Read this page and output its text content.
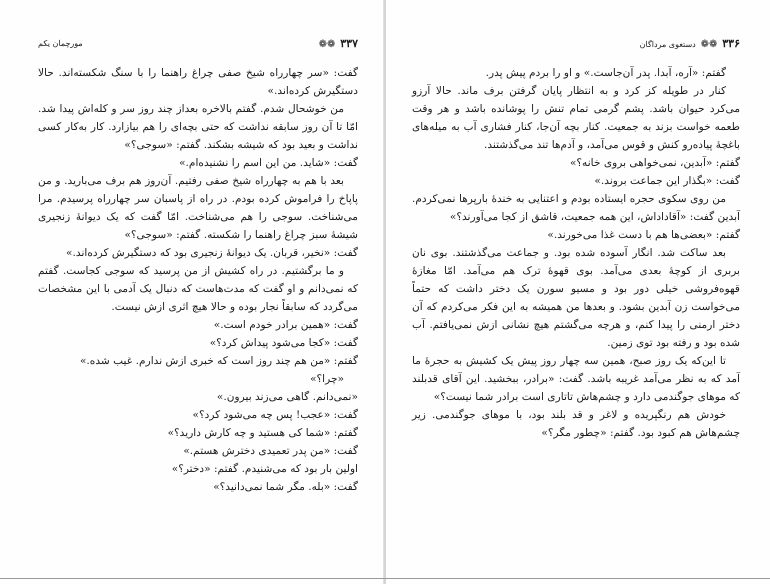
۳۳۷ ❁❁
مورچمان یکم

گفت: «سر چهارراه شیخ صفی چراغ راهنما را با سنگ شکسته‌اند. حالا دستگیرش کرده‌اند.»

من خوشحال شدم. گفتم بالاخره بعداز چند روز سر و کله‌اش پیدا شد. امّا تا آن روز سابقه نداشت که حتی بچه‌ای را هم بیازارد. کار به‌کار کسی نداشت و بعید بود که شیشه بشکند. گفتم: «سوجی؟»

گفت: «شاید. من این اسم را نشنیده‌ام.»

بعد با هم به چهارراه شیخ صفی رفتیم. آن‌روز هم برف می‌بارید. و من پاپاخ را فراموش کرده بودم. در راه از پاسبان سر چهارراه پرسیدم. مرا می‌شناخت. سوجی را هم می‌شناخت. امّا گفت که یک دیوانهٔ زنجیری شیشهٔ سبز چراغ راهنما را شکسته. گفتم: «سوجی؟»

گفت: «نخیر، قربان. یک دیوانهٔ زنجیری بود که دستگیرش کرده‌اند.»

و ما برگشتیم. در راه کشیش از من پرسید که سوجی کجاست. گفتم که نمی‌دانم و او گفت که مدت‌هاست که دنبال یک آدمی با این مشخصات می‌گردد که سابقاً نجار بوده و حالا هیچ اثری ازش نیست.

گفت: «همین برادر خودم است.»

گفت: «کجا می‌شود پیداش کرد؟»

گفتم: «من هم چند روز است که خبری ازش ندارم. غیب شده.»

«چرا؟»

«نمی‌دانم. گاهی می‌زند بیرون.»

گفت: «عجب! پس چه می‌شود کرد؟»

گفتم: «شما کی هستید و چه کارش دارید؟»

گفت: «من پدر تعمیدی دخترش هستم.»

اولین بار بود که می‌شنیدم. گفتم: «دختر؟»

گفت: «بله. مگر شما نمی‌دانید؟»

۳۳۶ ❁❁ دستغوی مرداگان

گفتم: «آره، آبدا. پدر آن‌جاست.» و او را بردم پیش پدر.

کنار در طویله کز کرد و به انتظار پایان گرفتن برف ماند. حالا آرزو می‌کرد حیوان باشد. پشم گرمی تمام تنش را پوشانده باشد و هر وقت طعمه خواست بزند به جمعیت. کنار بچه آن‌جا، کنار فشاری آب به میله‌های باغچهٔ پیاده‌رو کنش و قوس می‌آمد، و آدم‌ها تند می‌گذشتند.

گفتم: «آبدین، نمی‌خواهی بروی خانه؟»

گفت: «بگذار این جماعت بروند.»

من روی سکوی حجره ایستاده بودم و اعتنایی به خندهٔ بارپرها نمی‌کردم. آبدین گفت: «آقاداداش، این همه جمعیت، قاشق از کجا می‌آورند؟»

گفتم: «بعضی‌ها هم با دست غذا می‌خورند.»

بعد ساکت شد. انگار آسوده شده بود. و جماعت می‌گذشتند. بوی نان بربری از کوچهٔ بعدی می‌آمد. بوی قهوهٔ ترک هم می‌آمد. امّا مغازهٔ قهوه‌فروشی خیلی دور بود و مسیو سورن یک دختر داشت که حتماً می‌خواست زن آبدین بشود. و بعدها من همیشه به این فکر می‌کردم که آن دختر ارمنی را پیدا کنم، و هرچه می‌گشتم هیچ نشانی ازش نمی‌یافتم. آب شده بود و رفته بود توی زمین.

تا این‌که یک روز صبح، همین سه چهار روز پیش یک کشیش به حجرهٔ ما آمد که به نظر می‌آمد غریبه باشد. گفت: «برادر، ببخشید. این آقای قدبلند که موهای جوگندمی دارد و چشم‌هاش تاتاری است برادر شما نیست؟»

خودش هم رنگپریده و لاغر و قد بلند بود، با موهای جوگندمی. زیر چشم‌هاش هم کبود بود. گفتم: «چطور مگر؟»
